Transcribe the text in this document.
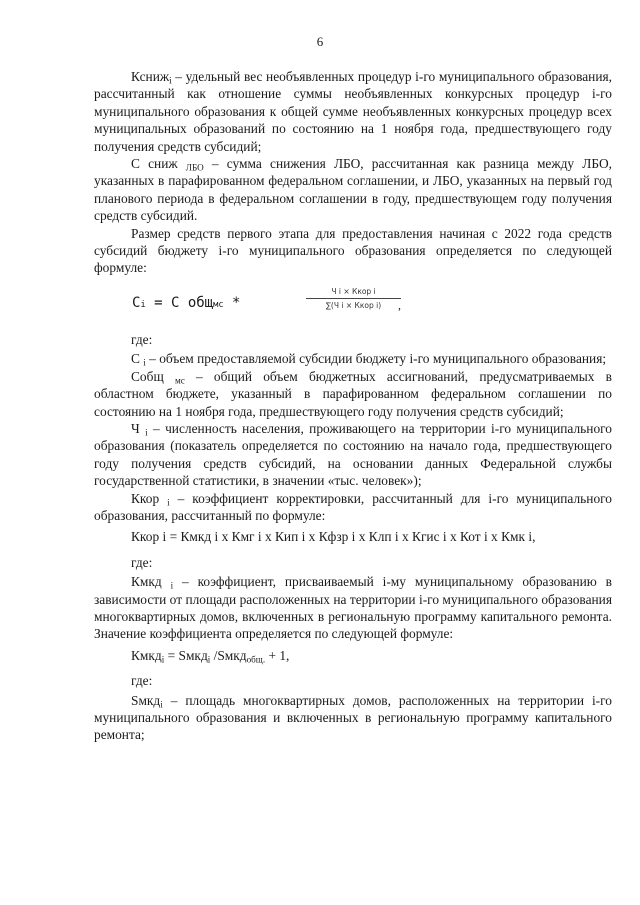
6

Ксниж$_i$ – удельный вес необъявленных процедур i-го муниципального образования, рассчитанный как отношение суммы необъявленных конкурсных процедур i-го муниципального образования к общей сумме необъявленных конкурсных процедур всех муниципальных образований по состоянию на 1 ноября года, предшествующего году получения средств субсидий;

С сниж $_{ЛБО}$ – сумма снижения ЛБО, рассчитанная как разница между ЛБО, указанных в парафированном федеральном соглашении, и ЛБО, указанных на первый год планового периода в федеральном соглашении в году, предшествующем году получения средств субсидий.

Размер средств первого этапа для предоставления начиная с 2022 года средств субсидий бюджету i-го муниципального образования определяется по следующей формуле:

Ci = С общмс *
Ч i × Ккор i
∑(Ч i × Ккор i)	,

где:

С $_i$ – объем предоставляемой субсидии бюджету i-го муниципального образования;

Собщ $_{мс}$ – общий объем бюджетных ассигнований, предусматриваемых в областном бюджете, указанный в парафированном федеральном соглашении по состоянию на 1 ноября года, предшествующего году получения средств субсидий;

Ч $_i$ – численность населения, проживающего на территории i-го муниципального образования (показатель определяется по состоянию на начало года, предшествующего году получения средств субсидий, на основании данных Федеральной службы государственной статистики, в значении «тыс. человек»);

Ккор $_i$ – коэффициент корректировки, рассчитанный для i-го муниципального образования, рассчитанный по формуле:

Ккор i = Кмкд i х Кмг i х Кип i х Кфзр i х Клп i х Кгис i х Кот i х Кмк i,

где:

Кмкд $_i$ – коэффициент, присваиваемый i-му муниципальному образованию в зависимости от площади расположенных на территории i-го муниципального образования многоквартирных домов, включенных в региональную программу капитального ремонта. Значение коэффициента определяется по следующей формуле:

Кмкд$_i$ = Sмкд$_i$ /Sмкд$_{общ.}$ + 1,

где:

Sмкд$_i$ – площадь многоквартирных домов, расположенных на территории i-го муниципального образования и включенных в региональную программу капитального ремонта;
